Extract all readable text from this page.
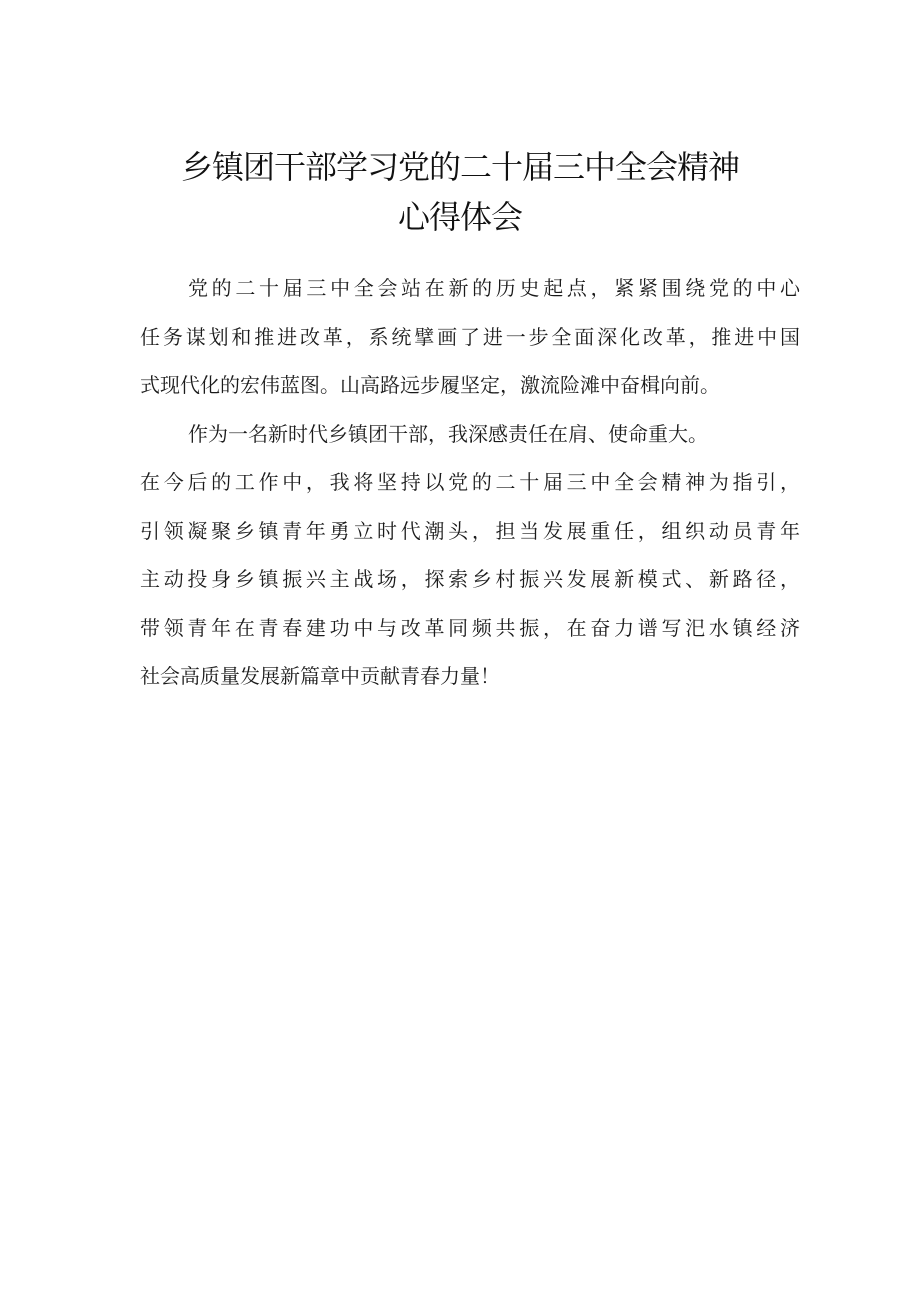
乡镇团干部学习党的二十届三中全会精神
心得体会
党的二十届三中全会站在新的历史起点，紧紧围绕党的中心
任务谋划和推进改革，系统擘画了进一步全面深化改革，推进中国
式现代化的宏伟蓝图。山高路远步履坚定，激流险滩中奋楫向前。
作为一名新时代乡镇团干部，我深感责任在肩、使命重大。
在今后的工作中，我将坚持以党的二十届三中全会精神为指引，
引领凝聚乡镇青年勇立时代潮头，担当发展重任，组织动员青年
主动投身乡镇振兴主战场，探索乡村振兴发展新模式、新路径，
带领青年在青春建功中与改革同频共振，在奋力谱写汜水镇经济
社会高质量发展新篇章中贡献青春力量！
